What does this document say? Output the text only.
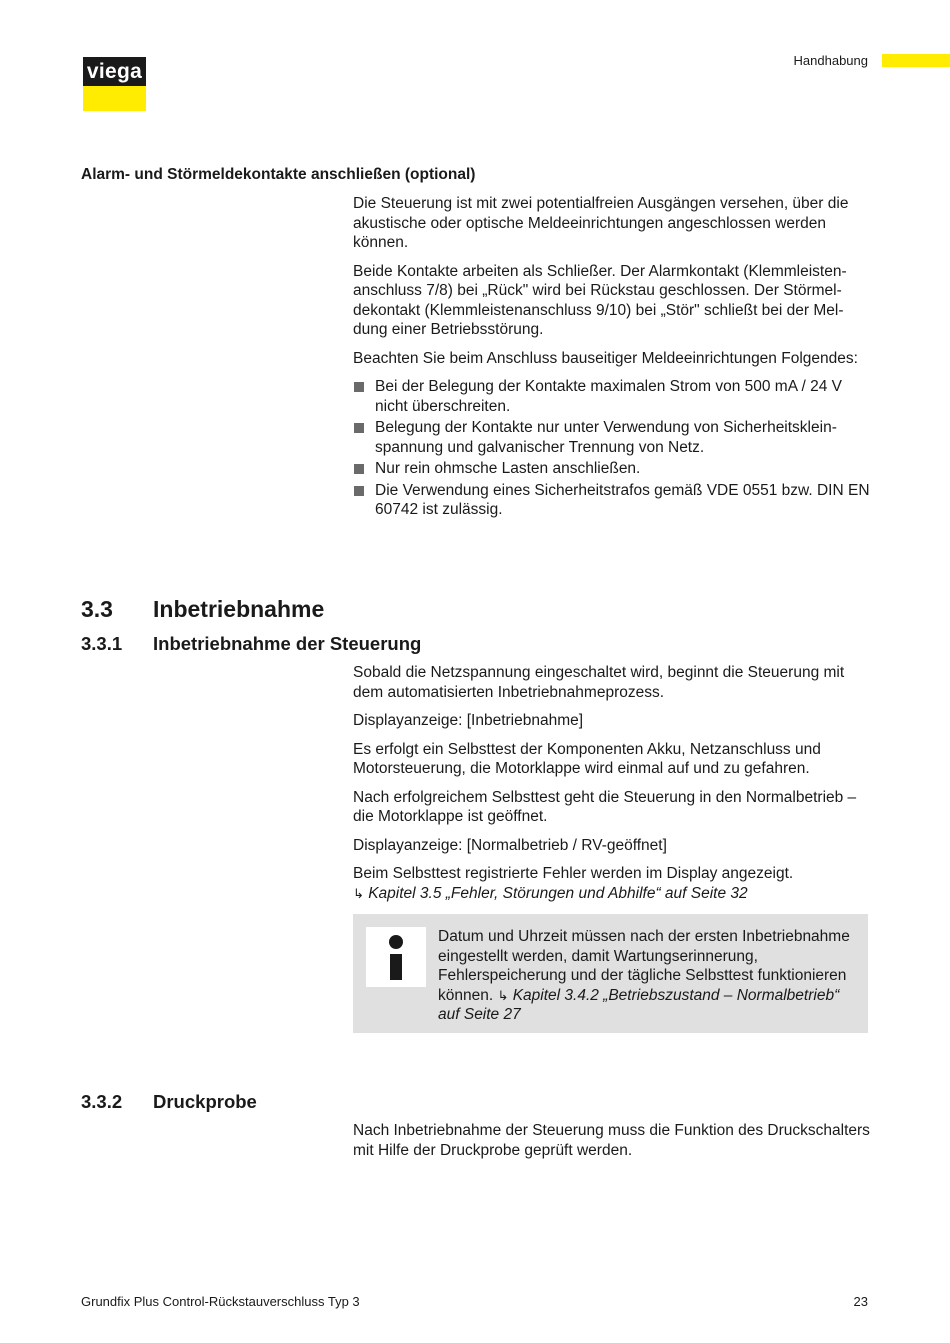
viega	Handhabung
Alarm- und Störmeldekontakte anschließen (optional)

Die Steuerung ist mit zwei potentialfreien Ausgängen versehen, über die akustische oder optische Meldeeinrichtungen angeschlossen werden können.

Beide Kontakte arbeiten als Schließer. Der Alarmkontakt (Klemmleistenanschluss 7/8) bei „Rück" wird bei Rückstau geschlossen. Der Störmeldekontakt (Klemmleistenanschluss 9/10) bei „Stör" schließt bei der Meldung einer Betriebsstörung.

Beachten Sie beim Anschluss bauseitiger Meldeeinrichtungen Folgendes:

Bei der Belegung der Kontakte maximalen Strom von 500 mA / 24 V nicht überschreiten.
Belegung der Kontakte nur unter Verwendung von Sicherheitskleinspannung und galvanischer Trennung von Netz.
Nur rein ohmsche Lasten anschließen.
Die Verwendung eines Sicherheitstrafos gemäß VDE 0551 bzw. DIN EN 60742 ist zulässig.
3.3 Inbetriebnahme
3.3.1 Inbetriebnahme der Steuerung

Sobald die Netzspannung eingeschaltet wird, beginnt die Steuerung mit dem automatisierten Inbetriebnahmeprozess.

Displayanzeige: [Inbetriebnahme]

Es erfolgt ein Selbsttest der Komponenten Akku, Netzanschluss und Motorsteuerung, die Motorklappe wird einmal auf und zu gefahren.

Nach erfolgreichem Selbsttest geht die Steuerung in den Normalbetrieb – die Motorklappe ist geöffnet.

Displayanzeige: [Normalbetrieb / RV-geöffnet]

Beim Selbsttest registrierte Fehler werden im Display angezeigt.
↳ Kapitel 3.5 „Fehler, Störungen und Abhilfe“ auf Seite 32

Datum und Uhrzeit müssen nach der ersten Inbetriebnahme eingestellt werden, damit Wartungserinnerung, Fehlerspeicherung und der tägliche Selbsttest funktionieren können. ↳ Kapitel 3.4.2 „Betriebszustand – Normalbetrieb“ auf Seite 27
3.3.2 Druckprobe

Nach Inbetriebnahme der Steuerung muss die Funktion des Druckschalters mit Hilfe der Druckprobe geprüft werden.

Grundfix Plus Control-Rückstauverschluss Typ 3	23
